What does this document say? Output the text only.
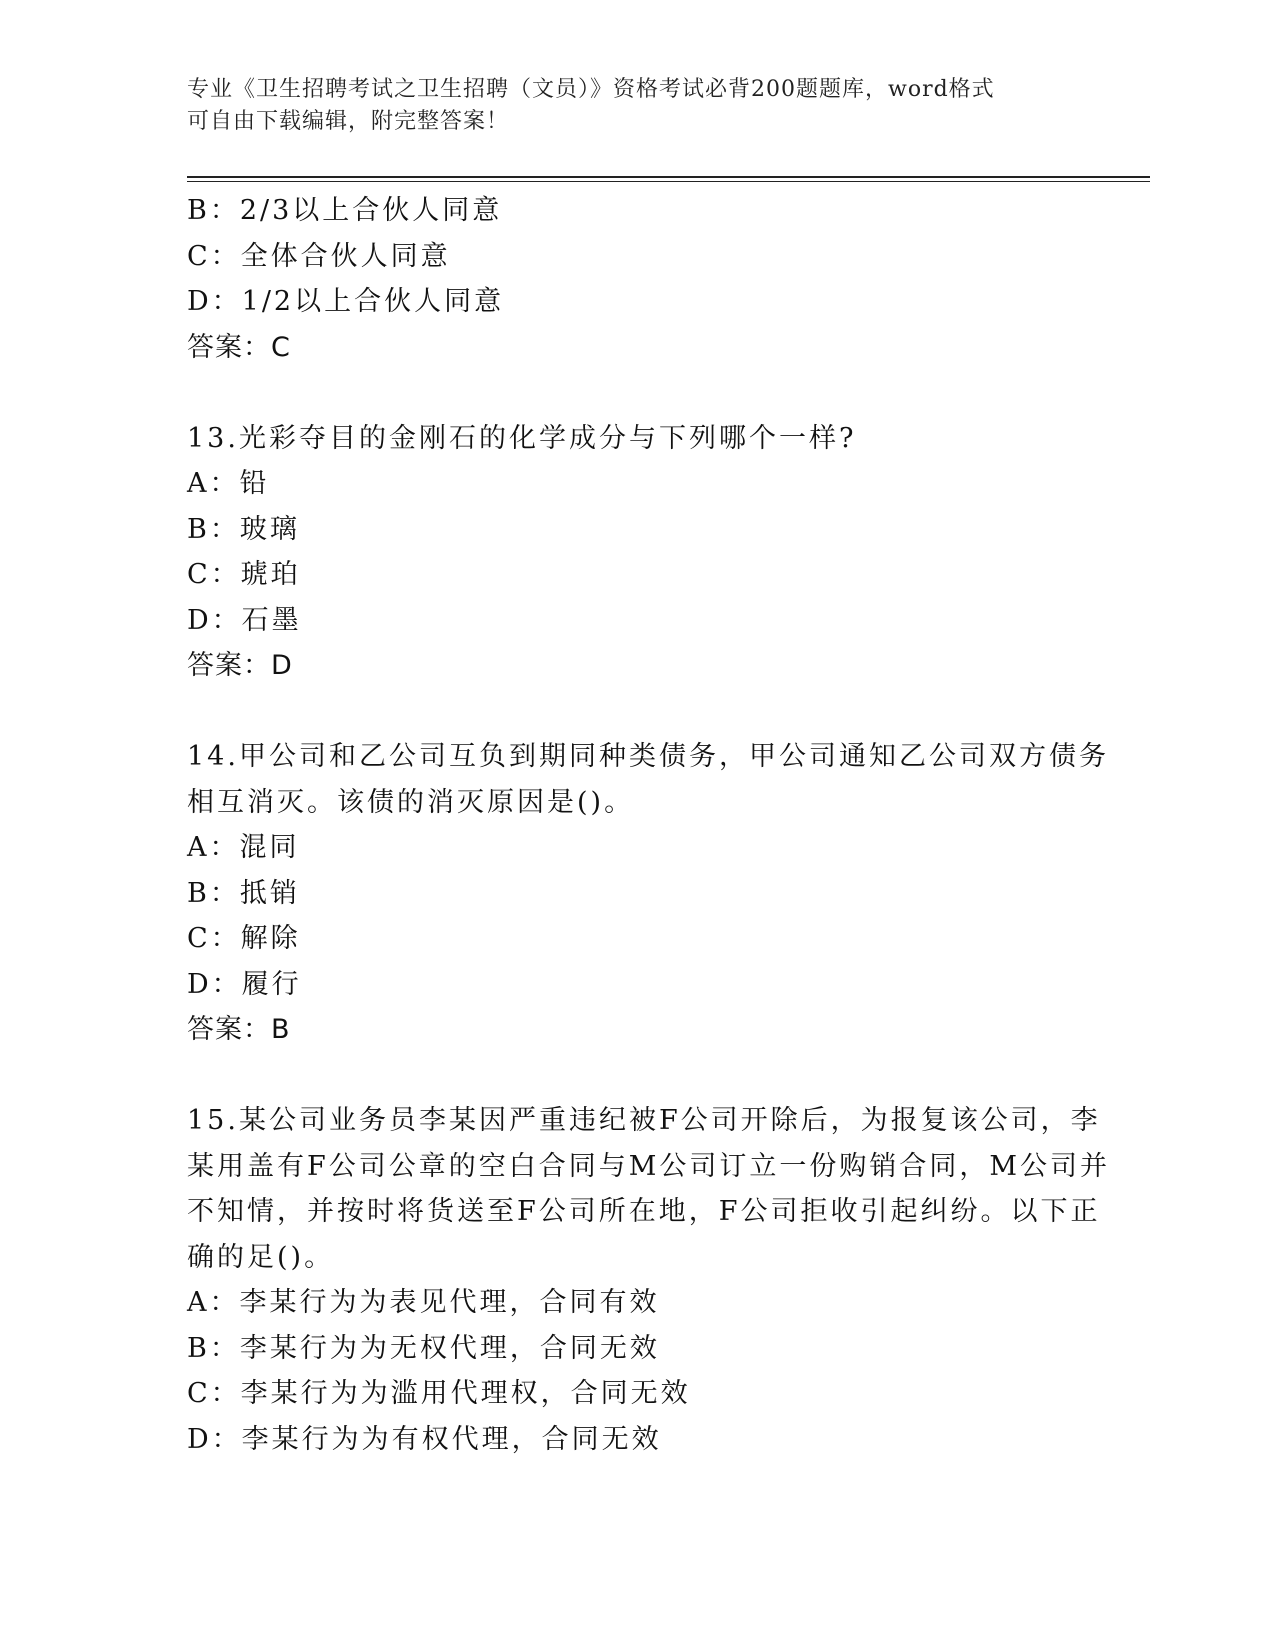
专业《卫生招聘考试之卫生招聘（文员）》资格考试必背200题题库，word格式
可自由下载编辑，附完整答案！
B：2/3以上合伙人同意
C：全体合伙人同意
D：1/2以上合伙人同意
答案：C
13.光彩夺目的金刚石的化学成分与下列哪个一样?
A：铅
B：玻璃
C：琥珀
D：石墨
答案：D
14.甲公司和乙公司互负到期同种类债务，甲公司通知乙公司双方债务
相互消灭。该债的消灭原因是()。
A：混同
B：抵销
C：解除
D：履行
答案：B
15.某公司业务员李某因严重违纪被F公司开除后，为报复该公司，李
某用盖有F公司公章的空白合同与M公司订立一份购销合同，M公司并
不知情，并按时将货送至F公司所在地，F公司拒收引起纠纷。以下正
确的足()。
A：李某行为为表见代理，合同有效
B：李某行为为无权代理，合同无效
C：李某行为为滥用代理权，合同无效
D：李某行为为有权代理，合同无效
